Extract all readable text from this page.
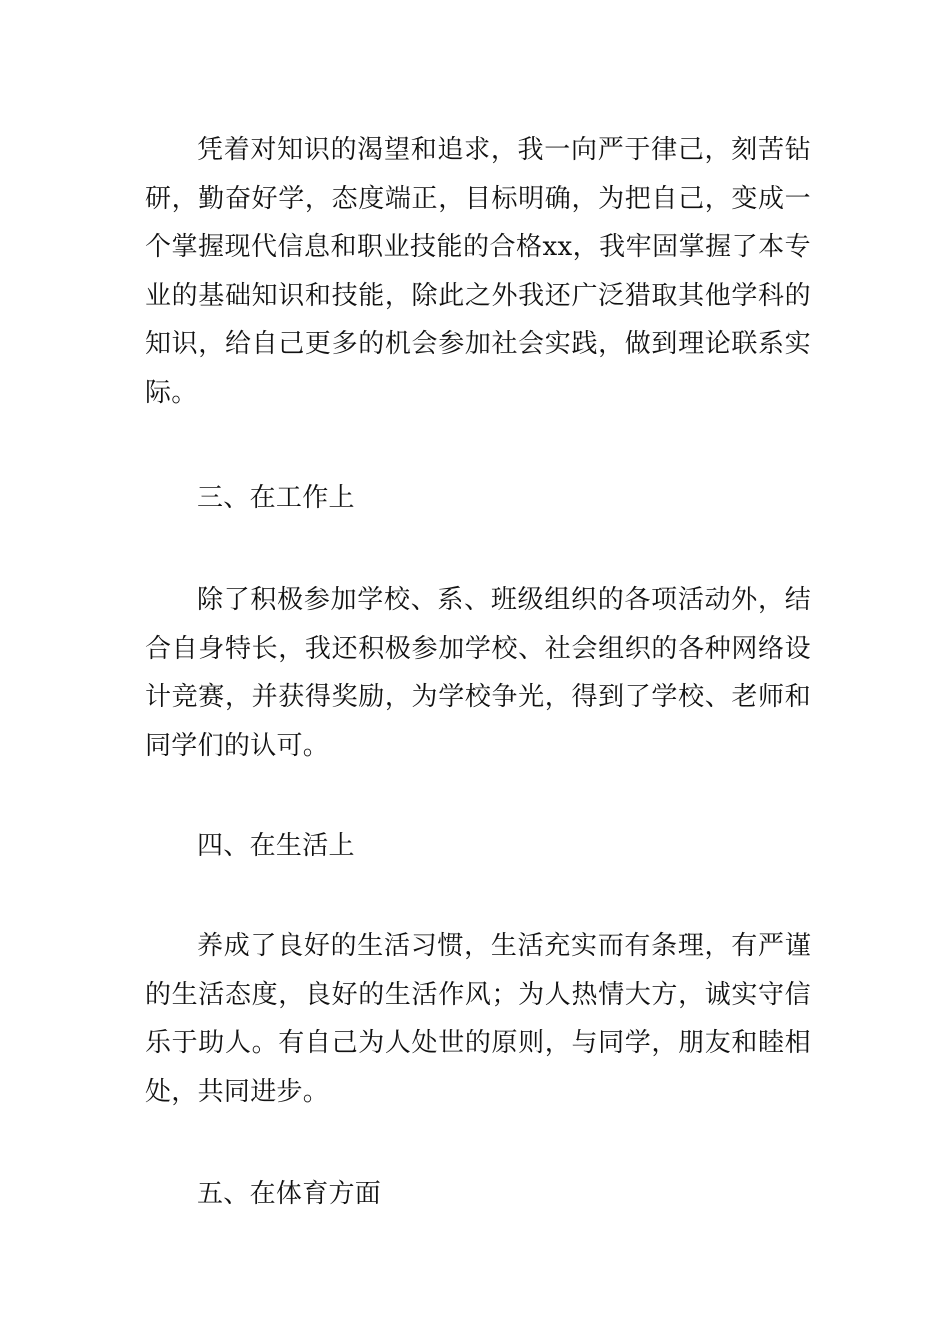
凭着对知识的渴望和追求，我一向严于律己，刻苦钻研，勤奋好学，态度端正，目标明确，为把自己，变成一个掌握现代信息和职业技能的合格xx，我牢固掌握了本专业的基础知识和技能，除此之外我还广泛猎取其他学科的知识，给自己更多的机会参加社会实践，做到理论联系实际。

三、在工作上

除了积极参加学校、系、班级组织的各项活动外，结合自身特长，我还积极参加学校、社会组织的各种网络设计竞赛，并获得奖励，为学校争光，得到了学校、老师和同学们的认可。

四、在生活上

养成了良好的生活习惯，生活充实而有条理，有严谨的生活态度，良好的生活作风；为人热情大方，诚实守信乐于助人。有自己为人处世的原则，与同学，朋友和睦相处，共同进步。

五、在体育方面
